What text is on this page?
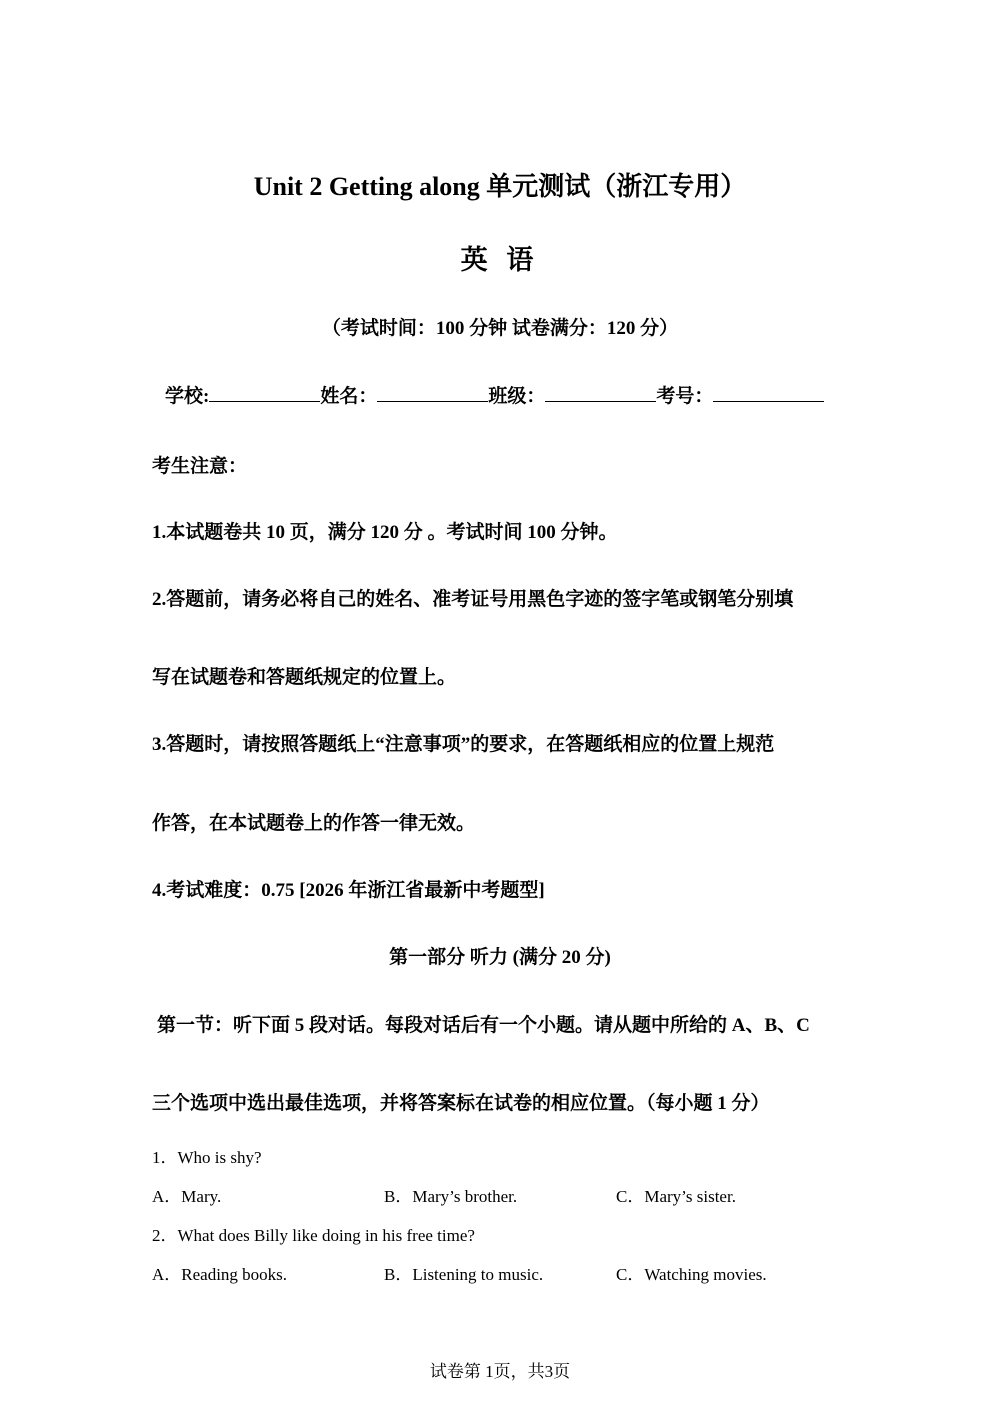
Unit 2 Getting along 单元测试（浙江专用）
英 语
（考试时间：100 分钟 试卷满分：120 分）
学校:	姓名：	班级：	考号：
考生注意：
1.本试题卷共 10 页，满分 120 分 。考试时间 100 分钟。
2.答题前，请务必将自己的姓名、准考证号用黑色字迹的签字笔或钢笔分别填
写在试题卷和答题纸规定的位置上。
3.答题时，请按照答题纸上“注意事项”的要求，在答题纸相应的位置上规范
作答，在本试题卷上的作答一律无效。
4.考试难度：0.75 [2026 年浙江省最新中考题型]
第一部分 听力 (满分 20 分)
第一节：听下面 5 段对话。每段对话后有一个小题。请从题中所给的 A、B、C
三个选项中选出最佳选项，并将答案标在试卷的相应位置。（每小题 1 分）
1．Who is shy?
A．Mary.	B．Mary’s brother.	C．Mary’s sister.
2．What does Billy like doing in his free time?
A．Reading books.	B．Listening to music.	C．Watching movies.
试卷第 1页，共3页
